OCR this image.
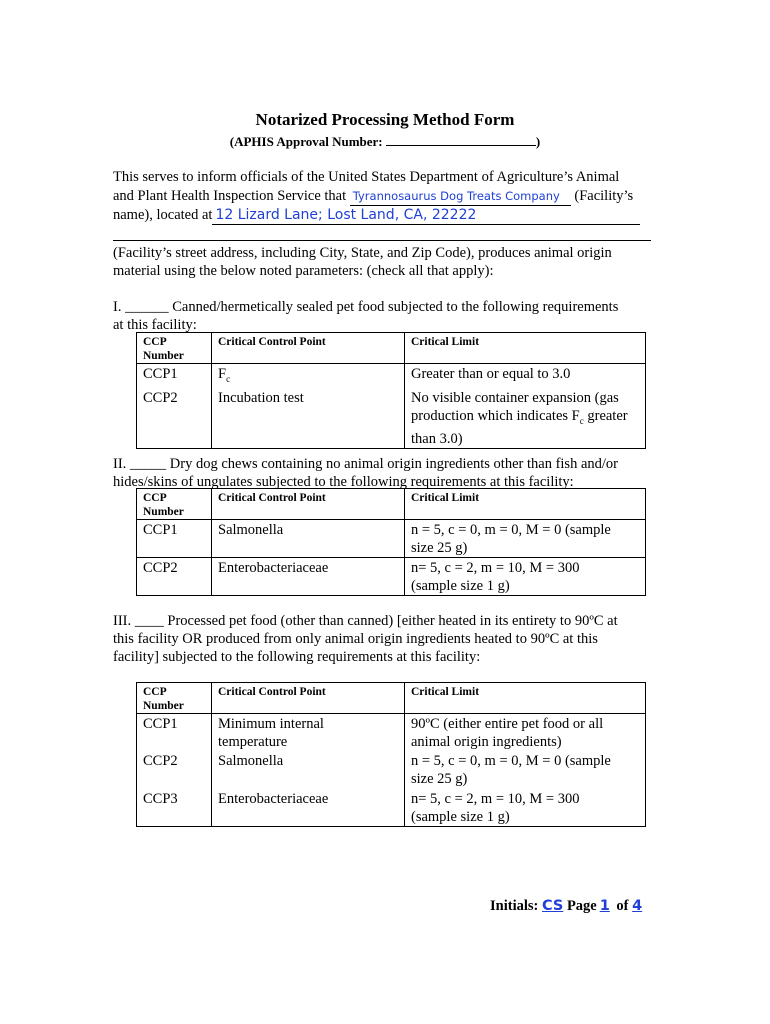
Notarized Processing Method Form
(APHIS Approval Number:	)
This serves to inform officials of the United States Department of Agriculture’s Animal
and Plant Health Inspection Service that Tyrannosaurus Dog Treats Company (Facility’s
name), located at 12 Lizard Lane; Lost Land, CA, 22222
(Facility’s street address, including City, State, and Zip Code), produces animal origin
material using the below noted parameters: (check all that apply):
I. ______ Canned/hermetically sealed pet food subjected to the following requirements
at this facility:
CCP
Number	Critical Control Point	Critical Limit
CCP1	$F_c$	Greater than or equal to 3.0
CCP2	Incubation test	No visible container expansion (gas
production which indicates $F_c$ greater
than 3.0)
II. _____ Dry dog chews containing no animal origin ingredients other than fish and/or
hides/skins of ungulates subjected to the following requirements at this facility:
CCP
Number	Critical Control Point	Critical Limit
CCP1	Salmonella	n = 5, c = 0, m = 0, M = 0 (sample
size 25 g)
CCP2	Enterobacteriaceae	n= 5, c = 2, m = 10, M = 300
(sample size 1 g)
III. ____ Processed pet food (other than canned) [either heated in its entirety to 90ºC at
this facility OR produced from only animal origin ingredients heated to 90ºC at this
facility] subjected to the following requirements at this facility:
CCP
Number	Critical Control Point	Critical Limit
CCP1	Minimum internal
temperature	90ºC (either entire pet food or all
animal origin ingredients)
CCP2	Salmonella	n = 5, c = 0, m = 0, M = 0 (sample
size 25 g)
CCP3	Enterobacteriaceae	n= 5, c = 2, m = 10, M = 300
(sample size 1 g)
Initials: CS Page 1 of 4
